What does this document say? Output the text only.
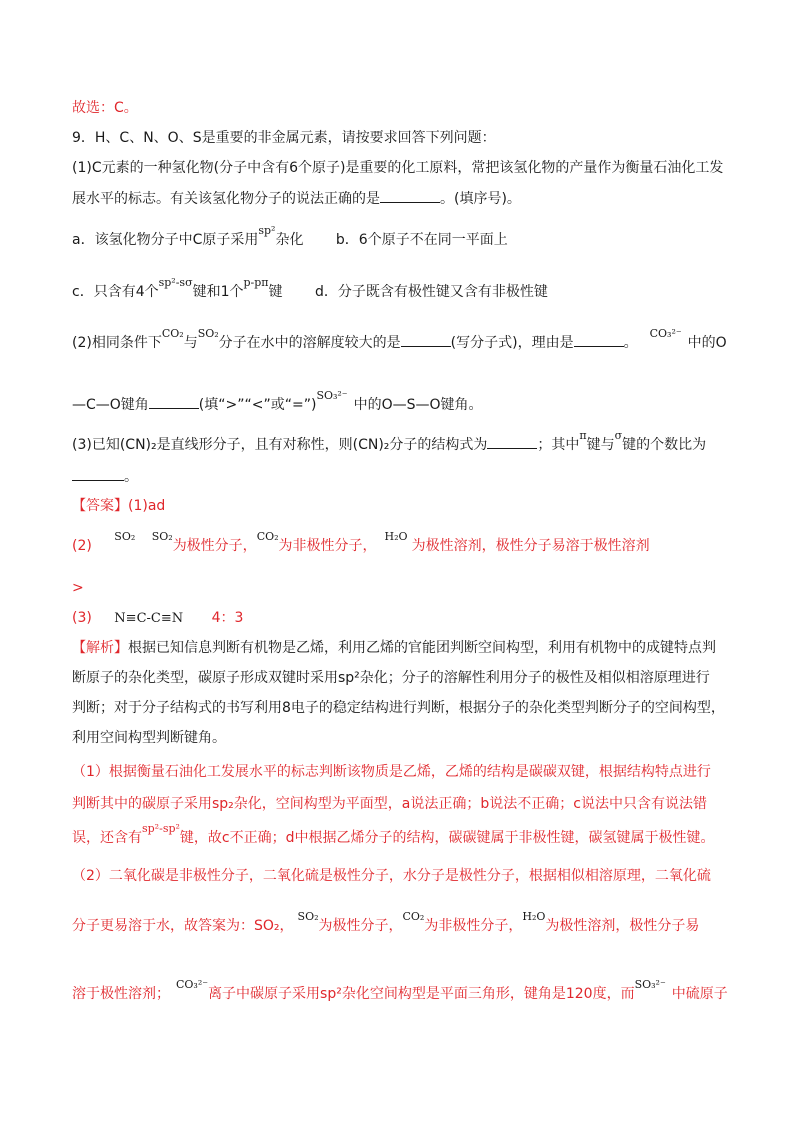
故选：C。
9．H、C、N、O、S是重要的非金属元素，请按要求回答下列问题：
(1)C元素的一种氢化物(分子中含有6个原子)是重要的化工原料，常把该氢化物的产量作为衡量石油化工发
展水平的标志。有关该氢化物分子的说法正确的是	。(填序号)。
a．该氢化物分子中C原子采用$^{sp^2}$杂化 b．6个原子不在同一平面上
c．只含有4个$^{sp^2-s\sigma}$键和1个$^{p-p\pi}$键 d．分子既含有极性键又含有非极性键
(2)相同条件下$^{CO_2}$与$^{SO_2}$分子在水中的溶解度较大的是	(写分子式)，理由是	。$^{CO_3^{2-}}$中的O
—C—O键角	(填“>”“<”或“=”)$^{SO_3^{2-}}$中的O—S—O键角。
(3)已知(CN)₂是直线形分子，且有对称性，则(CN)₂分子的结构式为	；其中$^\pi$键与$^\sigma$键的个数比为
。
【答案】(1)ad
(2) $^{SO_2}$ $^{SO_2}$为极性分子，$^{CO_2}$为非极性分子，$^{H_2O}$为极性溶剂，极性分子易溶于极性溶剂
>
(3) N≡C-C≡N 4：3
【解析】根据已知信息判断有机物是乙烯，利用乙烯的官能团判断空间构型，利用有机物中的成键特点判
断原子的杂化类型，碳原子形成双键时采用sp²杂化；分子的溶解性利用分子的极性及相似相溶原理进行
判断；对于分子结构式的书写利用8电子的稳定结构进行判断，根据分子的杂化类型判断分子的空间构型，
利用空间构型判断键角。
（1）根据衡量石油化工发展水平的标志判断该物质是乙烯，乙烯的结构是碳碳双键，根据结构特点进行
判断其中的碳原子采用sp₂杂化，空间构型为平面型，a说法正确；b说法不正确；c说法中只含有说法错
误，还含有$^{sp^2-sp^2}$键，故c不正确；d中根据乙烯分子的结构，碳碳键属于非极性键，碳氢键属于极性键。
（2）二氧化碳是非极性分子，二氧化硫是极性分子，水分子是极性分子，根据相似相溶原理，二氧化硫
分子更易溶于水，故答案为：SO₂，$^{SO_2}$为极性分子，$^{CO_2}$为非极性分子，$^{H_2O}$为极性溶剂，极性分子易
溶于极性溶剂；$^{CO_3^{2-}}$离子中碳原子采用sp²杂化空间构型是平面三角形，键角是120度，而$^{SO_3^{2-}}$中硫原子
